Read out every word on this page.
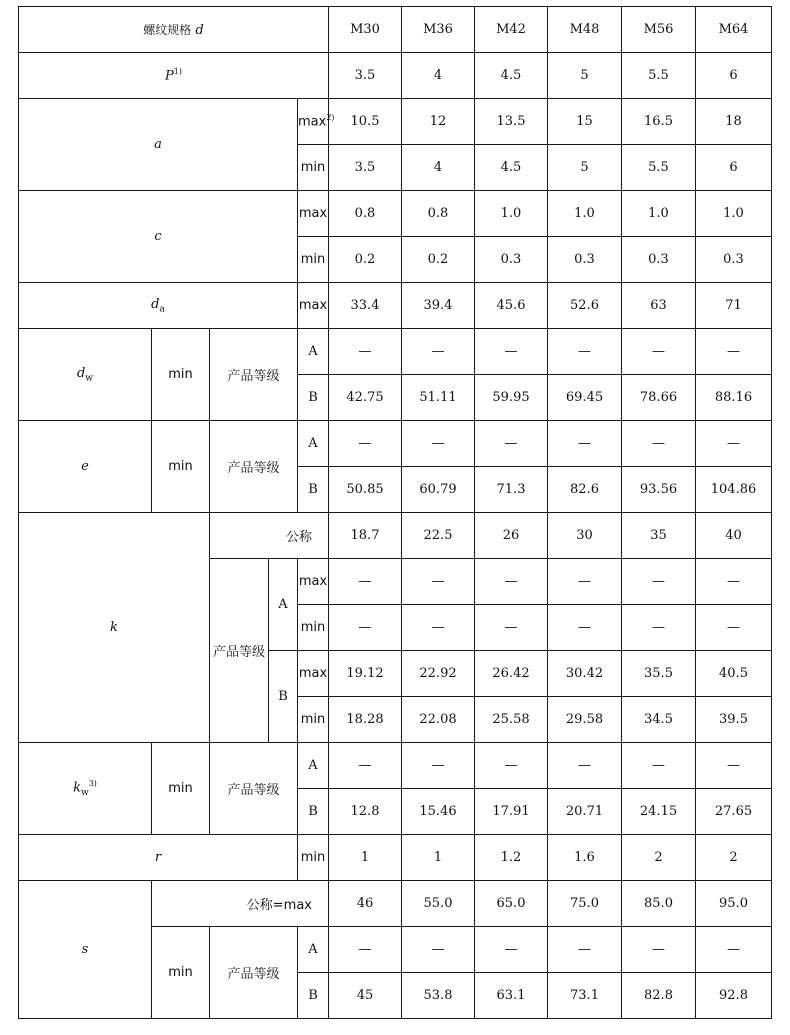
螺纹规格 d					M30	M36	M42	M48	M56	M64
$P^{1)}$					3.5	4	4.5	5	5.5	6
a				$\max^{2)}$	10.5	12	13.5	15	16.5	18
				min	3.5	4	4.5	5	5.5	6
c				max	0.8	0.8	1.0	1.0	1.0	1.0
				min	0.2	0.2	0.3	0.3	0.3	0.3
$d_a$				max	33.4	39.4	45.6	52.6	63	71
$d_w$	min	产品等级		A	—	—	—	—	—	—
				B	42.75	51.11	59.95	69.45	78.66	88.16
e	min	产品等级		A	—	—	—	—	—	—
				B	50.85	60.79	71.3	82.6	93.56	104.86
k		公称			18.7	22.5	26	30	35	40
		产品等级	A	max	—	—	—	—	—	—
				min	—	—	—	—	—	—
			B	max	19.12	22.92	26.42	30.42	35.5	40.5
				min	18.28	22.08	25.58	29.58	34.5	39.5
$k_w^{3)}$	min	产品等级		A	—	—	—	—	—	—
				B	12.8	15.46	17.91	20.71	24.15	27.65
r				min	1	1	1.2	1.6	2	2
s	公称=max				46	55.0	65.0	75.0	85.0	95.0
	min	产品等级		A	—	—	—	—	—	—
				B	45	53.8	63.1	73.1	82.8	92.8
